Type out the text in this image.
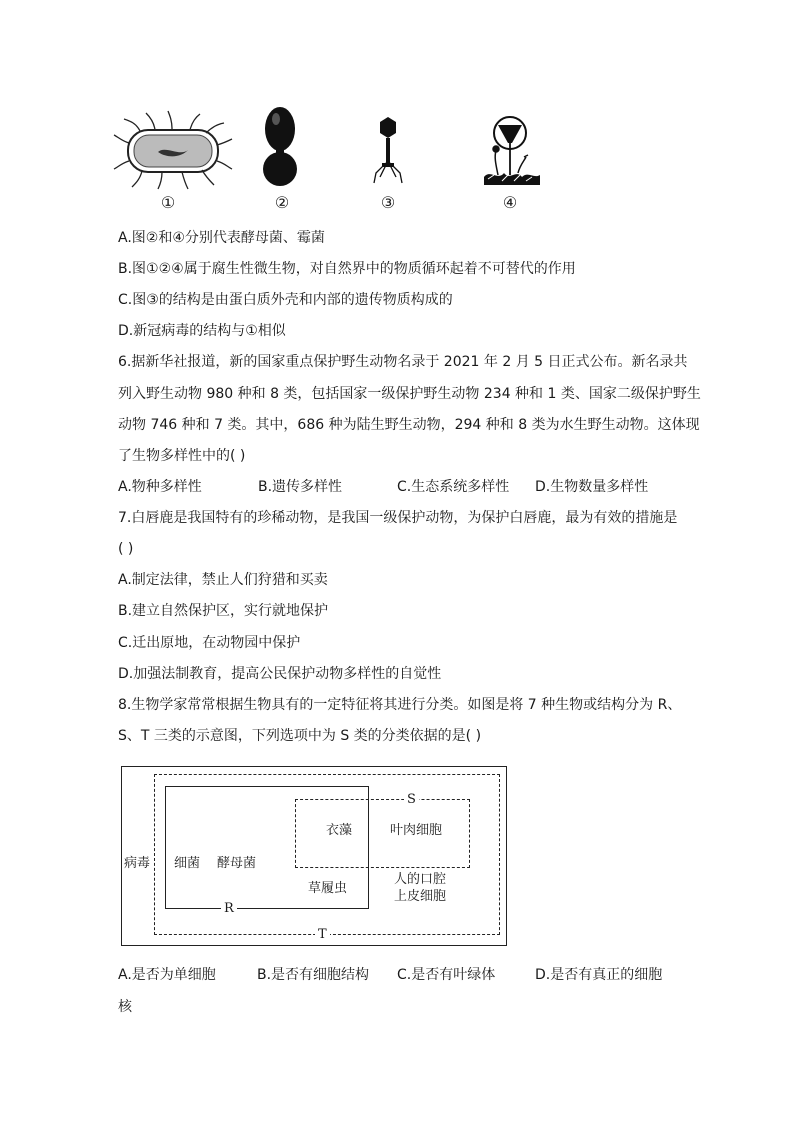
①	②	③	④
A.图②和④分别代表酵母菌、霉菌
B.图①②④属于腐生性微生物，对自然界中的物质循环起着不可替代的作用
C.图③的结构是由蛋白质外壳和内部的遗传物质构成的
D.新冠病毒的结构与①相似
6.据新华社报道，新的国家重点保护野生动物名录于 2021 年 2 月 5 日正式公布。新名录共
列入野生动物 980 种和 8 类，包括国家一级保护野生动物 234 种和 1 类、国家二级保护野生
动物 746 种和 7 类。其中，686 种为陆生野生动物，294 种和 8 类为水生野生动物。这体现
了生物多样性中的( )
A.物种多样性	B.遗传多样性	C.生态系统多样性 D.生物数量多样性
7.白唇鹿是我国特有的珍稀动物，是我国一级保护动物，为保护白唇鹿，最为有效的措施是
( )
A.制定法律，禁止人们狩猎和买卖
B.建立自然保护区，实行就地保护
C.迁出原地，在动物园中保护
D.加强法制教育，提高公民保护动物多样性的自觉性
8.生物学家常常根据生物具有的一定特征将其进行分类。如图是将 7 种生物或结构分为 R、
S、T 三类的示意图，下列选项中为 S 类的分类依据的是( )
S
R
T
病毒 细菌 酵母菌
衣藻	叶肉细胞
草履虫
人的口腔
上皮细胞
A.是否为单细胞	B.是否有细胞结构 C.是否有叶绿体	D.是否有真正的细胞
核
